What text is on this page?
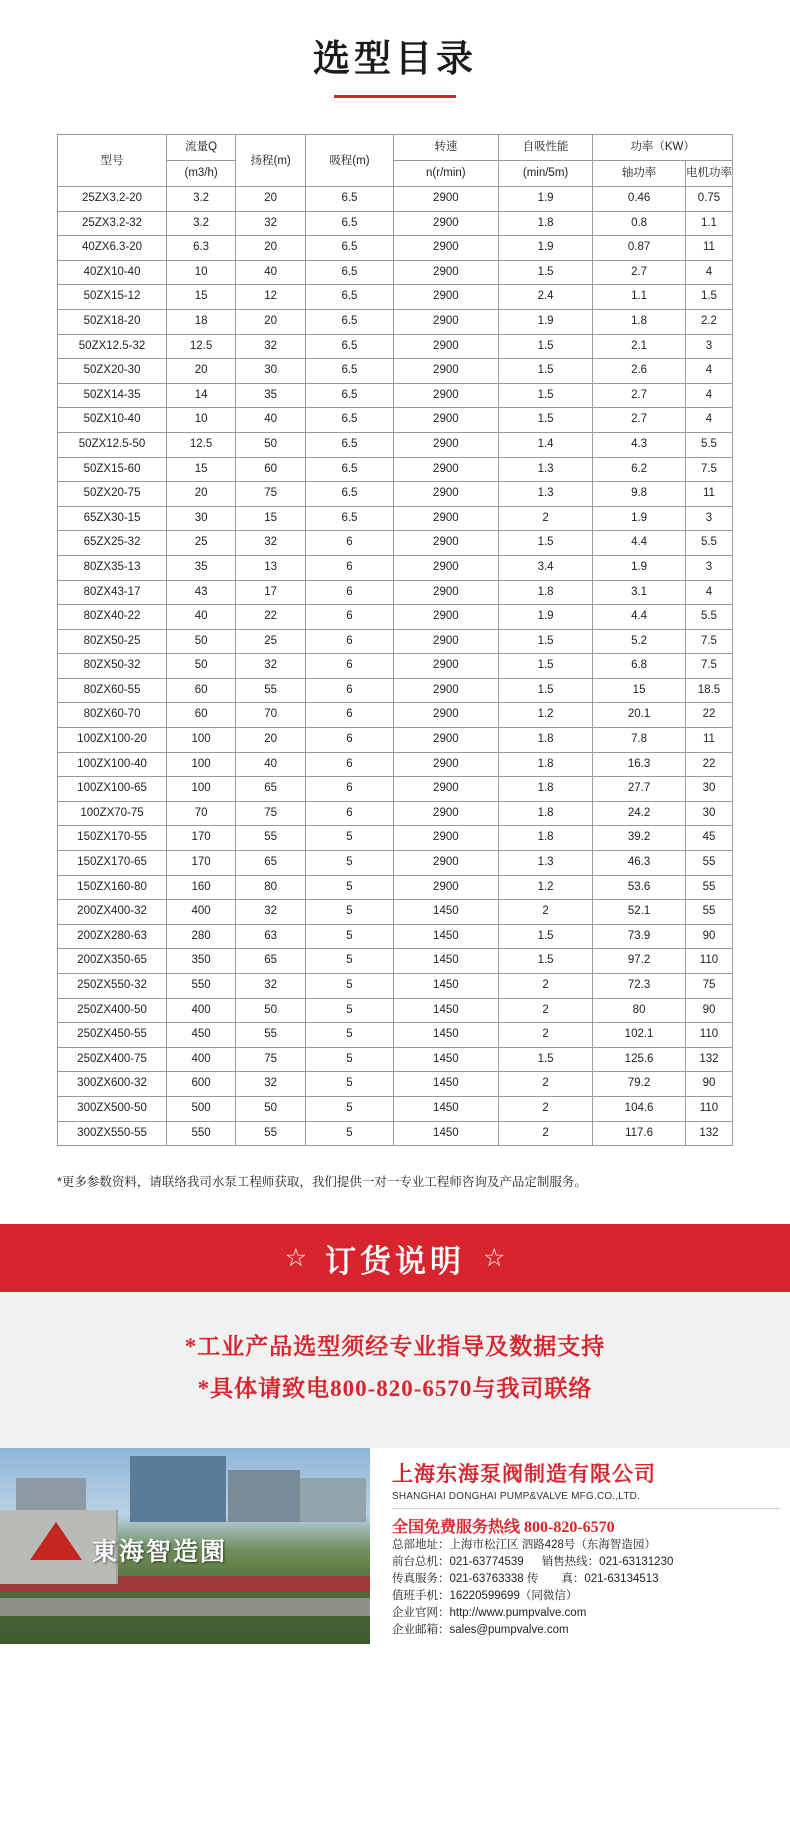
选型目录
型号	流量Q	扬程(m)	吸程(m)	转速	自吸性能	功率（KW）	
	(m3/h)			n(r/min)	(min/5m)	轴功率	电机功率
25ZX3.2-20	3.2	20	6.5	2900	1.9	0.46	0.75
25ZX3.2-32	3.2	32	6.5	2900	1.8	0.8	1.1
40ZX6.3-20	6.3	20	6.5	2900	1.9	0.87	11
40ZX10-40	10	40	6.5	2900	1.5	2.7	4
50ZX15-12	15	12	6.5	2900	2.4	1.1	1.5
50ZX18-20	18	20	6.5	2900	1.9	1.8	2.2
50ZX12.5-32	12.5	32	6.5	2900	1.5	2.1	3
50ZX20-30	20	30	6.5	2900	1.5	2.6	4
50ZX14-35	14	35	6.5	2900	1.5	2.7	4
50ZX10-40	10	40	6.5	2900	1.5	2.7	4
50ZX12.5-50	12.5	50	6.5	2900	1.4	4.3	5.5
50ZX15-60	15	60	6.5	2900	1.3	6.2	7.5
50ZX20-75	20	75	6.5	2900	1.3	9.8	11
65ZX30-15	30	15	6.5	2900	2	1.9	3
65ZX25-32	25	32	6	2900	1.5	4.4	5.5
80ZX35-13	35	13	6	2900	3.4	1.9	3
80ZX43-17	43	17	6	2900	1.8	3.1	4
80ZX40-22	40	22	6	2900	1.9	4.4	5.5
80ZX50-25	50	25	6	2900	1.5	5.2	7.5
80ZX50-32	50	32	6	2900	1.5	6.8	7.5
80ZX60-55	60	55	6	2900	1.5	15	18.5
80ZX60-70	60	70	6	2900	1.2	20.1	22
100ZX100-20	100	20	6	2900	1.8	7.8	11
100ZX100-40	100	40	6	2900	1.8	16.3	22
100ZX100-65	100	65	6	2900	1.8	27.7	30
100ZX70-75	70	75	6	2900	1.8	24.2	30
150ZX170-55	170	55	5	2900	1.8	39.2	45
150ZX170-65	170	65	5	2900	1.3	46.3	55
150ZX160-80	160	80	5	2900	1.2	53.6	55
200ZX400-32	400	32	5	1450	2	52.1	55
200ZX280-63	280	63	5	1450	1.5	73.9	90
200ZX350-65	350	65	5	1450	1.5	97.2	110
250ZX550-32	550	32	5	1450	2	72.3	75
250ZX400-50	400	50	5	1450	2	80	90
250ZX450-55	450	55	5	1450	2	102.1	110
250ZX400-75	400	75	5	1450	1.5	125.6	132
300ZX600-32	600	32	5	1450	2	79.2	90
300ZX500-50	500	50	5	1450	2	104.6	110
300ZX550-55	550	55	5	1450	2	117.6	132
*更多参数资料，请联络我司水泵工程师获取，我们提供一对一专业工程师咨询及产品定制服务。
☆ 订货说明 ☆
*工业产品选型须经专业指导及数据支持
*具体请致电800-820-6570与我司联络
東海智造園
上海东海泵阀制造有限公司
SHANGHAI DONGHAI PUMP&VALVE MFG.CO.,LTD.
全国免费服务热线 800-820-6570
总部地址：上海市松江区 泗路428号（东海智造园）
前台总机：021-63774539 销售热线：021-63131230
传真服务：021-63763338 传　　真：021-63134513
值班手机：16220599699（同微信）
企业官网：http://www.pumpvalve.com
企业邮箱：sales@pumpvalve.com
